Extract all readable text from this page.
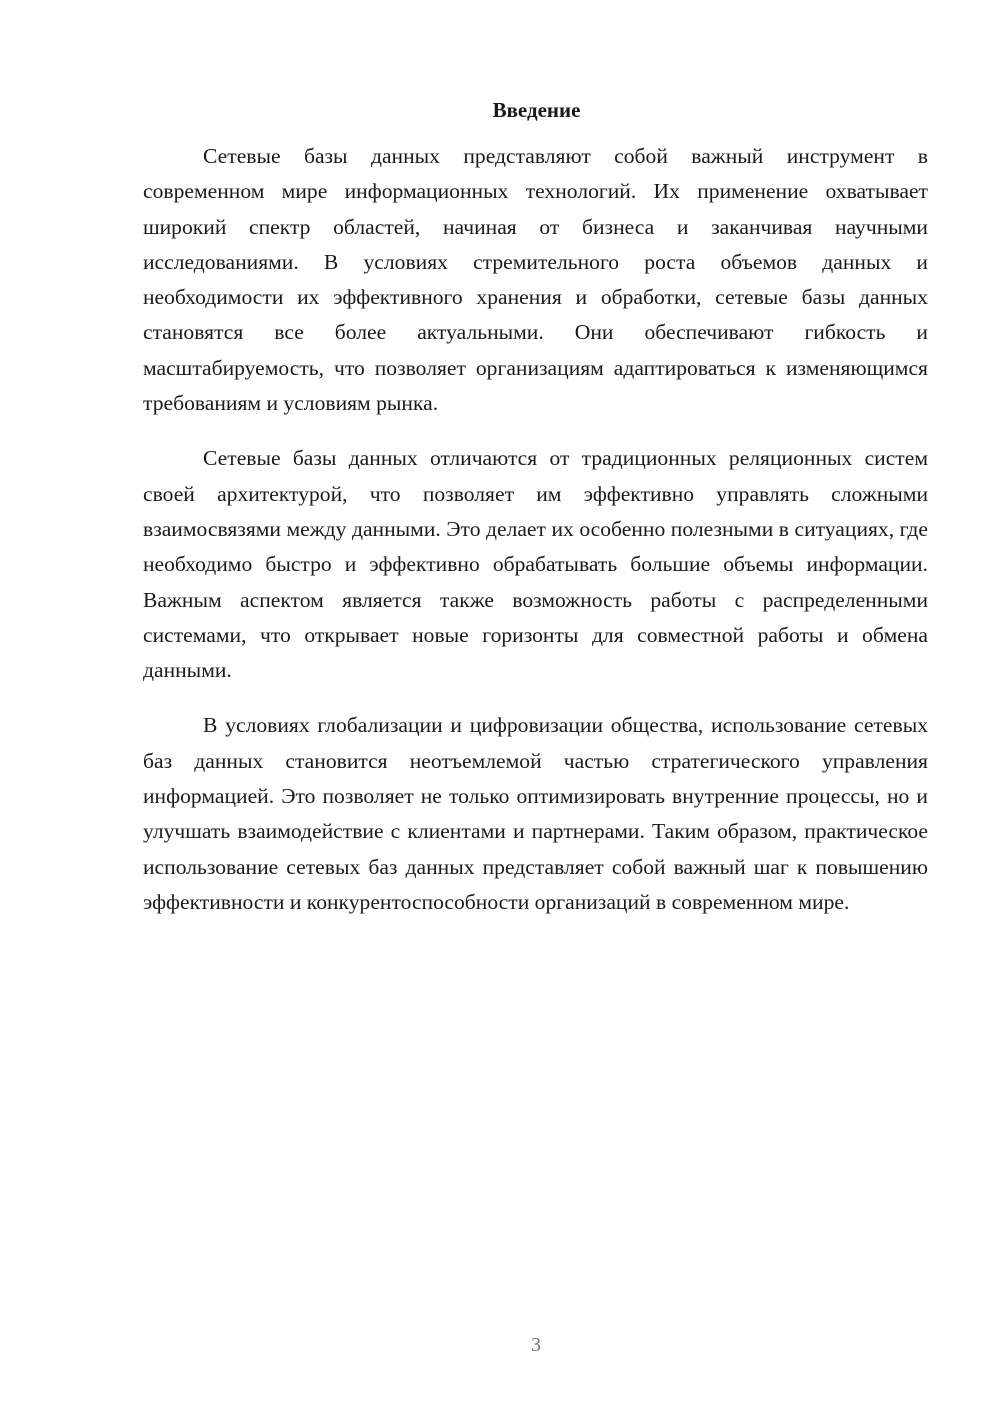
Введение

Сетевые базы данных представляют собой важный инструмент в современном мире информационных технологий. Их применение охватывает широкий спектр областей, начиная от бизнеса и заканчивая научными исследованиями. В условиях стремительного роста объемов данных и необходимости их эффективного хранения и обработки, сетевые базы данных становятся все более актуальными. Они обеспечивают гибкость и масштабируемость, что позволяет организациям адаптироваться к изменяющимся требованиям и условиям рынка.

Сетевые базы данных отличаются от традиционных реляционных систем своей архитектурой, что позволяет им эффективно управлять сложными взаимосвязями между данными. Это делает их особенно полезными в ситуациях, где необходимо быстро и эффективно обрабатывать большие объемы информации. Важным аспектом является также возможность работы с распределенными системами, что открывает новые горизонты для совместной работы и обмена данными.

В условиях глобализации и цифровизации общества, использование сетевых баз данных становится неотъемлемой частью стратегического управления информацией. Это позволяет не только оптимизировать внутренние процессы, но и улучшать взаимодействие с клиентами и партнерами. Таким образом, практическое использование сетевых баз данных представляет собой важный шаг к повышению эффективности и конкурентоспособности организаций в современном мире.

3
